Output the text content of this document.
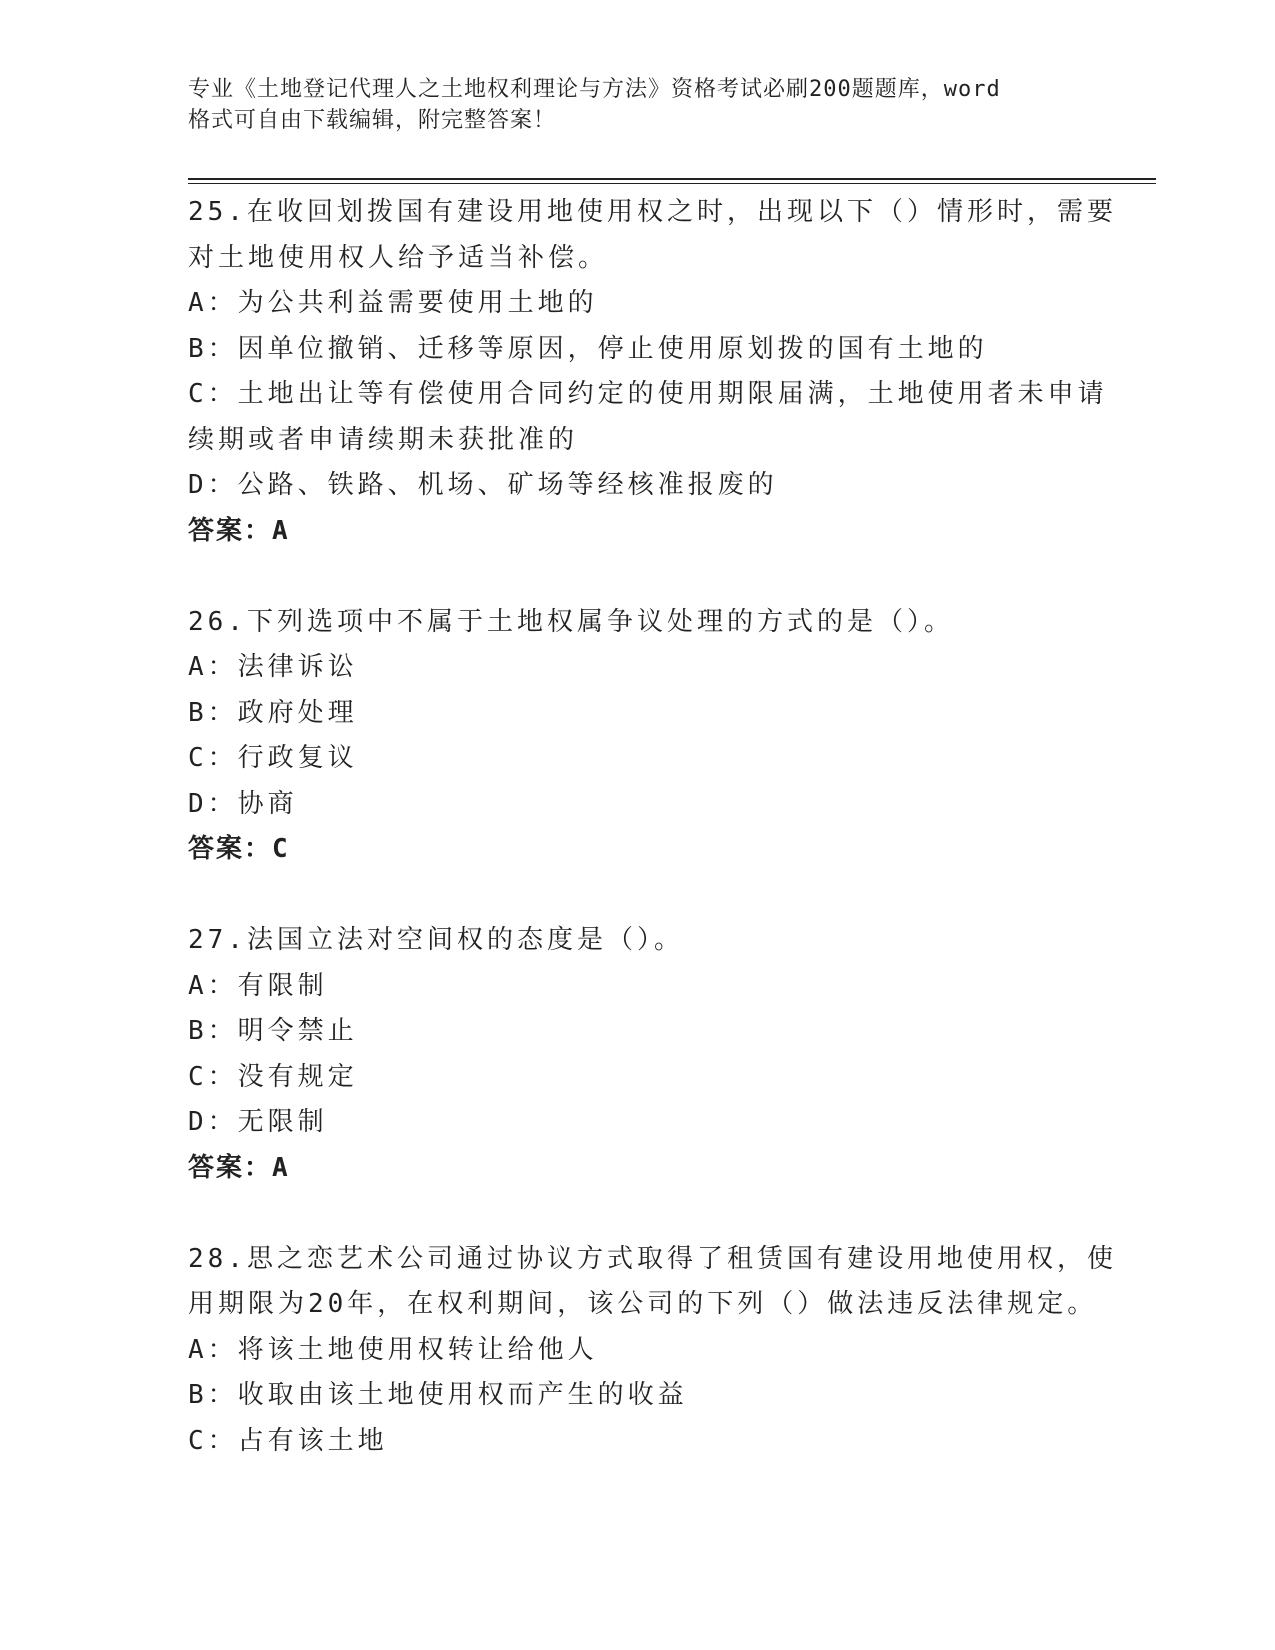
专业《土地登记代理人之土地权利理论与方法》资格考试必刷200题题库，word
格式可自由下载编辑，附完整答案！
25.在收回划拨国有建设用地使用权之时，出现以下（）情形时，需要
对土地使用权人给予适当补偿。
A：为公共利益需要使用土地的
B：因单位撤销、迁移等原因，停止使用原划拨的国有土地的
C：土地出让等有偿使用合同约定的使用期限届满，土地使用者未申请
续期或者申请续期未获批准的
D：公路、铁路、机场、矿场等经核准报废的
答案：A
26.下列选项中不属于土地权属争议处理的方式的是（）。
A：法律诉讼
B：政府处理
C：行政复议
D：协商
答案：C
27.法国立法对空间权的态度是（）。
A：有限制
B：明令禁止
C：没有规定
D：无限制
答案：A
28.思之恋艺术公司通过协议方式取得了租赁国有建设用地使用权，使
用期限为20年，在权利期间，该公司的下列（）做法违反法律规定。
A：将该土地使用权转让给他人
B：收取由该土地使用权而产生的收益
C：占有该土地
